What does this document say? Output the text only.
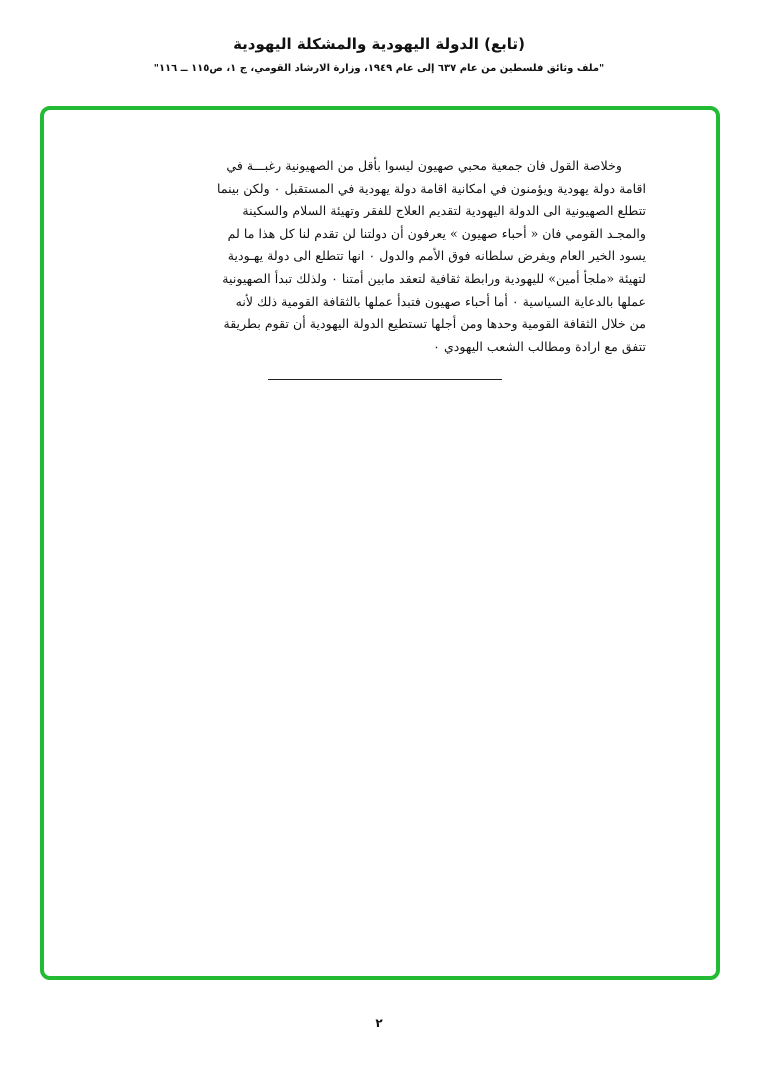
(تابع) الدولة اليهودية والمشكلة اليهودية

"ملف وثائق فلسطين من عام ٦٣٧ إلى عام ١٩٤٩، وزارة الارشاد القومي، ج ١، ص١١٥ ــ ١١٦"

وخلاصة القول فان جمعية محبي صهيون ليسوا بأقل من الصهيونية رغبـــة في
اقامة دولة يهودية ويؤمنون في امكانية اقامة دولة يهودية في المستقبل ٠ ولكن بينما
تتطلع الصهيونية الى الدولة اليهودية لتقديم العلاج للفقر وتهيئة السلام والسكينة
والمجـد القومي فان « أحباء صهيون » يعرفون أن دولتنا لن تقدم لنا كل هذا ما لم
يسود الخير العام ويفرض سلطانه فوق الأمم والدول ٠ انها تتطلع الى دولة يهـودية
لتهيئة «ملجأ أمين» لليهودية ورابطة ثقافية لتعقد مابين أمتنا ٠ ولذلك تبدأ الصهيونية
عملها بالدعاية السياسية ٠ أما أحباء صهيون فتبدأ عملها بالثقافة القومية ذلك لأنه
من خلال الثقافة القومية وحدها ومن أجلها تستطيع الدولة اليهودية أن تقوم بطريقة
تتفق مع ارادة ومطالب الشعب اليهودي ٠
٢
